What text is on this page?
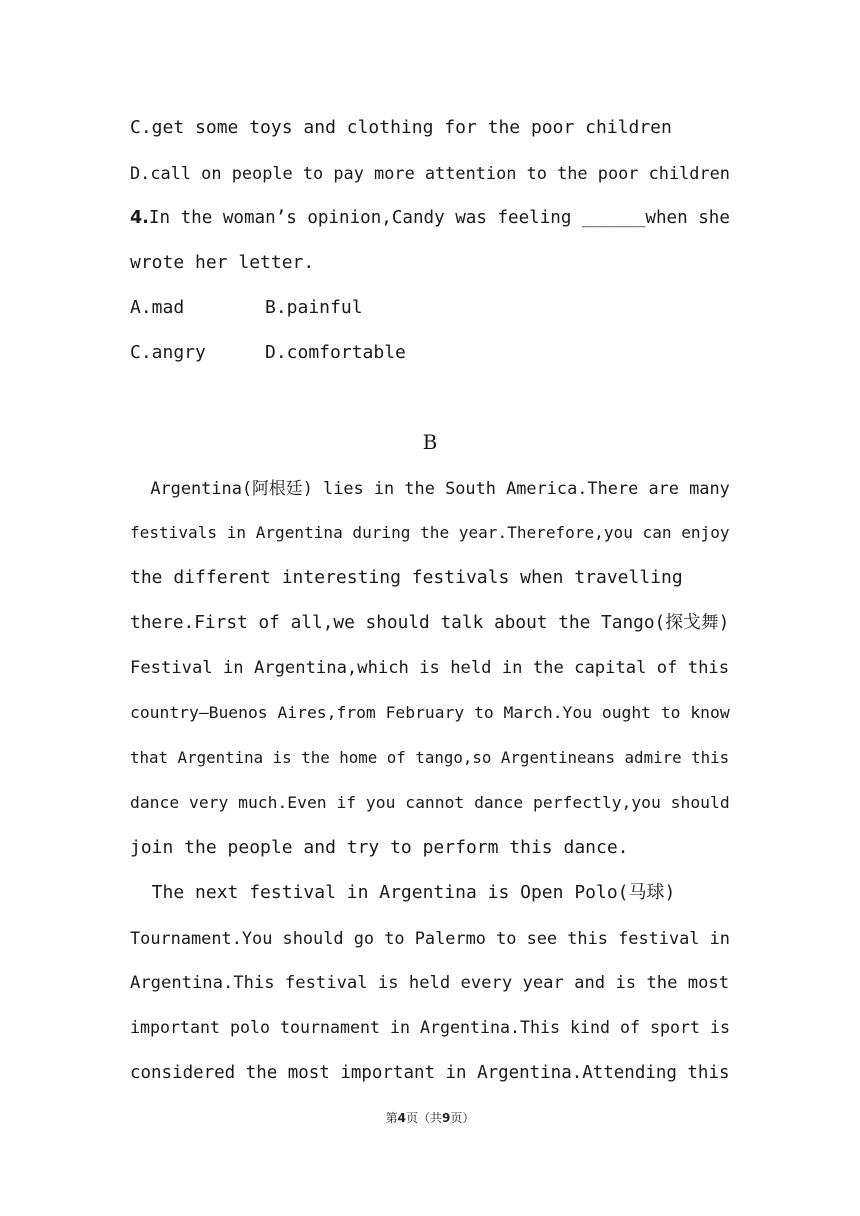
C.get some toys and clothing for the poor children
D.call on people to pay more attention to the poor children
4.In the woman’s opinion,Candy was feeling ______when she
wrote her letter.
A.mad	B.painful
C.angry	D.comfortable
B
Argentina(阿根廷) lies in the South America.There are many
festivals in Argentina during the year.Therefore,you can enjoy
the different interesting festivals when travelling
there.First of all,we should talk about the Tango(探戈舞)
Festival in Argentina,which is held in the capital of this
country—Buenos Aires,from February to March.You ought to know
that Argentina is the home of tango,so Argentineans admire this
dance very much.Even if you cannot dance perfectly,you should
join the people and try to perform this dance.
The next festival in Argentina is Open Polo(马球)
Tournament.You should go to Palermo to see this festival in
Argentina.This festival is held every year and is the most
important polo tournament in Argentina.This kind of sport is
considered the most important in Argentina.Attending this
第4页（共9页）
